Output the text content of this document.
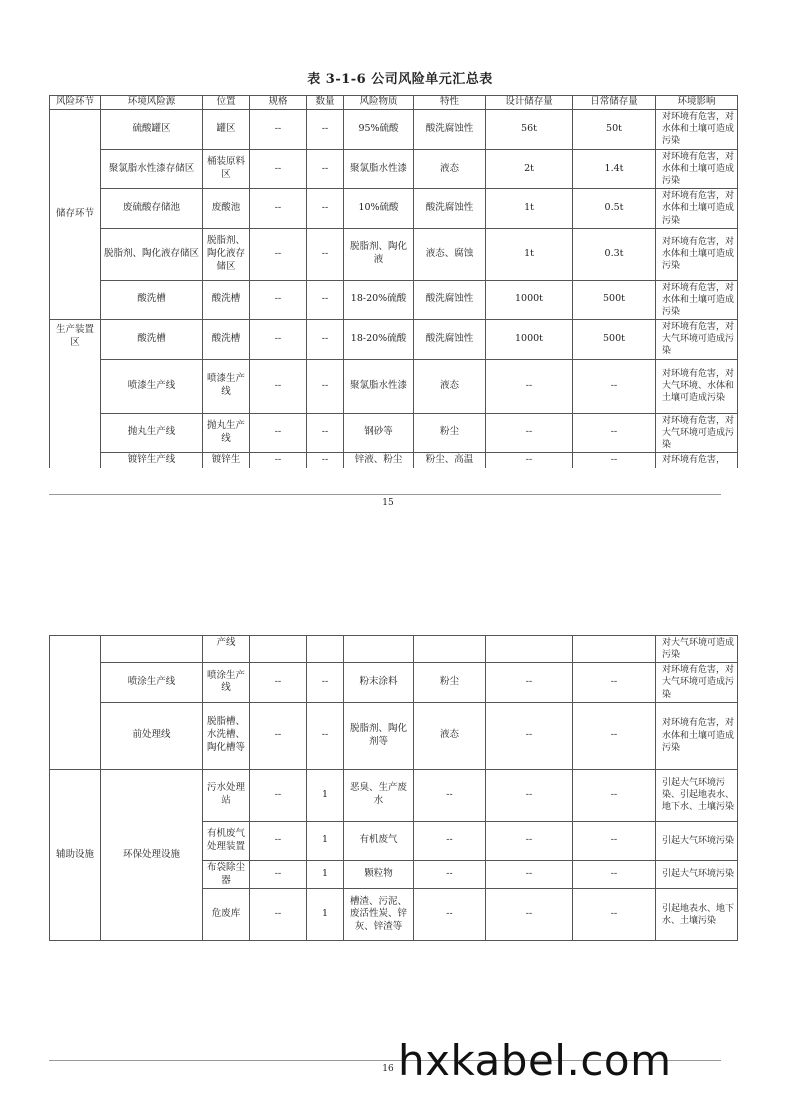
表 3-1-6 公司风险单元汇总表
风险环节	环境风险源	位置	规格	数量	风险物质	特性	设计储存量	日常储存量	环境影响
储存环节	硫酸罐区	罐区	--	--	95%硫酸	酸洗腐蚀性	56t	50t	对环境有危害，对水体和土壤可造成污染
	聚氯脂水性漆存储区	桶装原料区	--	--	聚氯脂水性漆	液态	2t	1.4t	对环境有危害，对水体和土壤可造成污染
	废硫酸存储池	废酸池	--	--	10%硫酸	酸洗腐蚀性	1t	0.5t	对环境有危害，对水体和土壤可造成污染
	脱脂剂、陶化液存储区	脱脂剂、陶化液存储区	--	--	脱脂剂、陶化液	液态、腐蚀	1t	0.3t	对环境有危害，对水体和土壤可造成污染
	酸洗槽	酸洗槽	--	--	18-20%硫酸	酸洗腐蚀性	1000t	500t	对环境有危害，对水体和土壤可造成污染
生产装置区	酸洗槽	酸洗槽	--	--	18-20%硫酸	酸洗腐蚀性	1000t	500t	对环境有危害，对大气环境可造成污染
	喷漆生产线	喷漆生产线	--	--	聚氯脂水性漆	液态	--	--	对环境有危害，对大气环境、水体和土壤可造成污染
	抛丸生产线	抛丸生产线	--	--	钢砂等	粉尘	--	--	对环境有危害，对大气环境可造成污染
	镀锌生产线	镀锌生	--	--	锌液、粉尘	粉尘、高温	--	--	对环境有危害，
15
		产线							对大气环境可造成污染
	喷涂生产线	喷涂生产线	--	--	粉末涂料	粉尘	--	--	对环境有危害，对大气环境可造成污染
	前处理线	脱脂槽、水洗槽、陶化槽等	--	--	脱脂剂、陶化剂等	液态	--	--	对环境有危害，对水体和土壤可造成污染
辅助设施	环保处理设施	污水处理站	--	1	恶臭、生产废水	--	--	--	引起大气环境污染、引起地表水、地下水、土壤污染
		有机废气处理装置	--	1	有机废气	--	--	--	引起大气环境污染
		布袋除尘器	--	1	颗粒物	--	--	--	引起大气环境污染
		危废库	--	1	槽渣、污泥、废活性炭、锌灰、锌渣等	--	--	--	引起地表水、地下水、土壤污染
16 hxkabel.com
